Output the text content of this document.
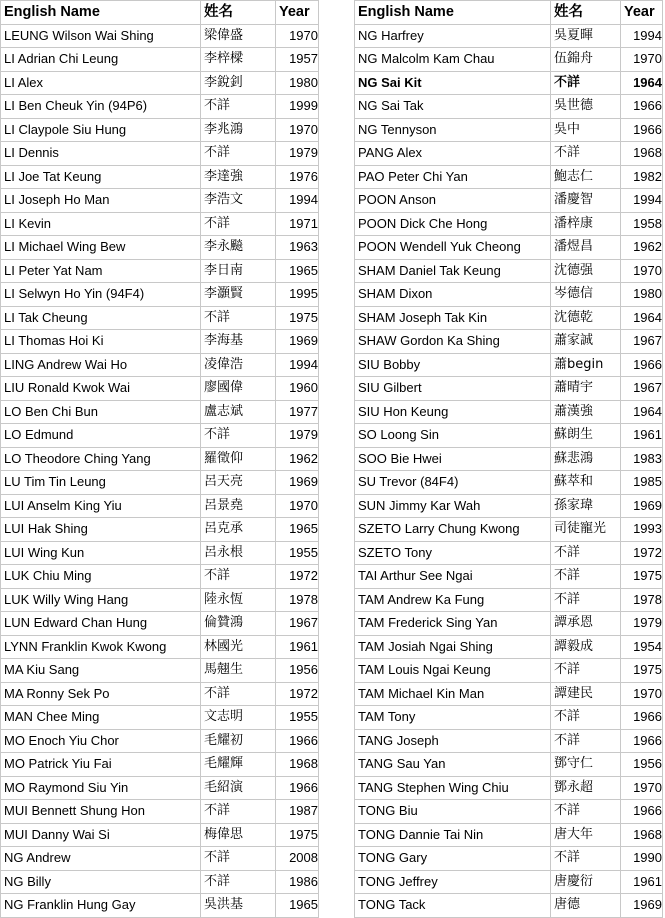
English Name	姓名	Year
LEUNG Wilson Wai Shing	梁偉盛	1970
LI Adrian Chi Leung	李梓樑	1957
LI Alex	李銳釗	1980
LI Ben Cheuk Yin (94P6)	不詳	1999
LI Claypole Siu Hung	李兆鴻	1970
LI Dennis	不詳	1979
LI Joe Tat Keung	李達強	1976
LI Joseph Ho Man	李浩文	1994
LI Kevin	不詳	1971
LI Michael Wing Bew	李永飈	1963
LI Peter Yat Nam	李日南	1965
LI Selwyn Ho Yin (94F4)	李灝賢	1995
LI Tak Cheung	不詳	1975
LI Thomas Hoi Ki	李海基	1969
LING Andrew Wai Ho	凌偉浩	1994
LIU Ronald Kwok Wai	廖國偉	1960
LO Ben Chi Bun	盧志斌	1977
LO Edmund	不詳	1979
LO Theodore Ching Yang	羅徵仰	1962
LU Tim Tin Leung	呂天亮	1969
LUI Anselm King Yiu	呂景堯	1970
LUI Hak Shing	呂克承	1965
LUI Wing Kun	呂永根	1955
LUK Chiu Ming	不詳	1972
LUK Willy Wing Hang	陸永恆	1978
LUN Edward Chan Hung	倫贊鴻	1967
LYNN Franklin Kwok Kwong	林國光	1961
MA Kiu Sang	馬翹生	1956
MA Ronny Sek Po	不詳	1972
MAN Chee Ming	文志明	1955
MO Enoch Yiu Chor	毛耀初	1966
MO Patrick Yiu Fai	毛耀輝	1968
MO Raymond Siu Yin	毛紹演	1966
MUI Bennett Shung Hon	不詳	1987
MUI Danny Wai Si	梅偉思	1975
NG Andrew	不詳	2008
NG Billy	不詳	1986
NG Franklin Hung Gay	吳洪基	1965
English Name	姓名	Year
NG Harfrey	吳夏暉	1994
NG Malcolm Kam Chau	伍錦舟	1970
NG Sai Kit	不詳	1964
NG Sai Tak	吳世德	1966
NG Tennyson	吳中	1966
PANG Alex	不詳	1968
PAO Peter Chi Yan	鮑志仁	1982
POON Anson	潘慶智	1994
POON Dick Che Hong	潘梓康	1958
POON Wendell Yuk Cheong	潘煜昌	1962
SHAM Daniel Tak Keung	沈德强	1970
SHAM Dixon	岑德信	1980
SHAM Joseph Tak Kin	沈德乾	1964
SHAW Gordon Ka Shing	蕭家誠	1967
SIU Bobby	蕭begin	1966
SIU Gilbert	蕭晴宇	1967
SIU Hon Keung	蕭漢強	1964
SO Loong Sin	蘇朗生	1961
SOO Bie Hwei	蘇悲鴻	1983
SU Trevor (84F4)	蘇萃和	1985
SUN Jimmy Kar Wah	孫家瑋	1969
SZETO Larry Chung Kwong	司徒寵光	1993
SZETO Tony	不詳	1972
TAI Arthur See Ngai	不詳	1975
TAM Andrew Ka Fung	不詳	1978
TAM Frederick Sing Yan	譚承恩	1979
TAM Josiah Ngai Shing	譚毅成	1954
TAM Louis Ngai Keung	不詳	1975
TAM Michael Kin Man	譚建民	1970
TAM Tony	不詳	1966
TANG Joseph	不詳	1966
TANG Sau Yan	鄧守仁	1956
TANG Stephen Wing Chiu	鄧永超	1970
TONG Biu	不詳	1966
TONG Dannie Tai Nin	唐大年	1968
TONG Gary	不詳	1990
TONG Jeffrey	唐慶衍	1961
TONG Tack	唐德	1969
